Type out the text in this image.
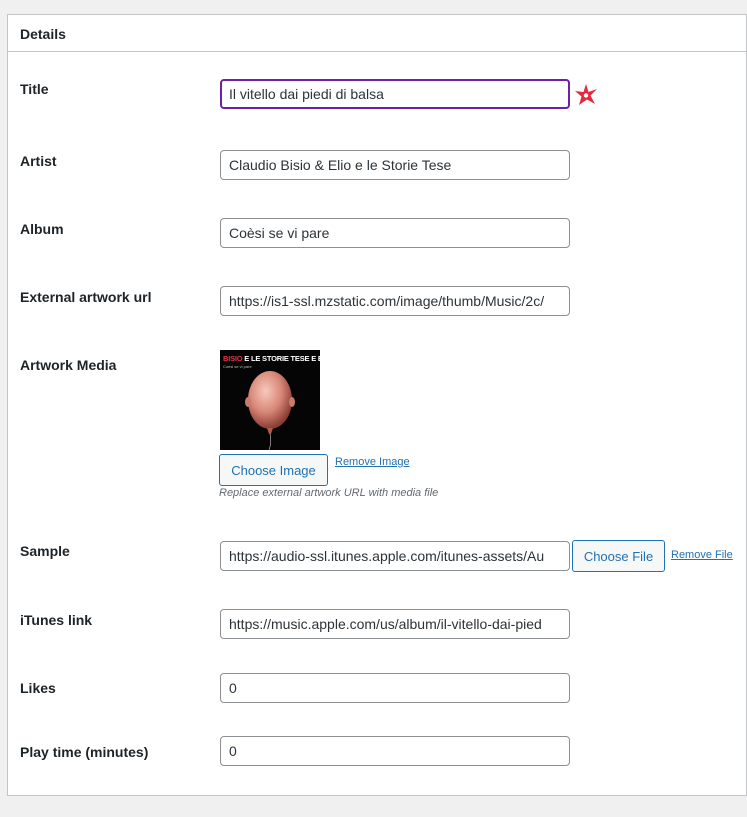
Details
Title	Il vitello dai piedi di balsa
Artist	Claudio Bisio & Elio e le Storie Tese
Album	Coèsi se vi pare
External artwork url	https://is1-ssl.mzstatic.com/image/thumb/Music/2c/
Artwork Media	BISIO E LE STORIE TESE E ELIO
Coèsi se vi pare
Choose Image
Remove Image
Replace external artwork URL with media file
Sample	https://audio-ssl.itunes.apple.com/itunes-assets/Au	Choose File	Remove File
iTunes link	https://music.apple.com/us/album/il-vitello-dai-pied
Likes	0
Play time (minutes)	0
